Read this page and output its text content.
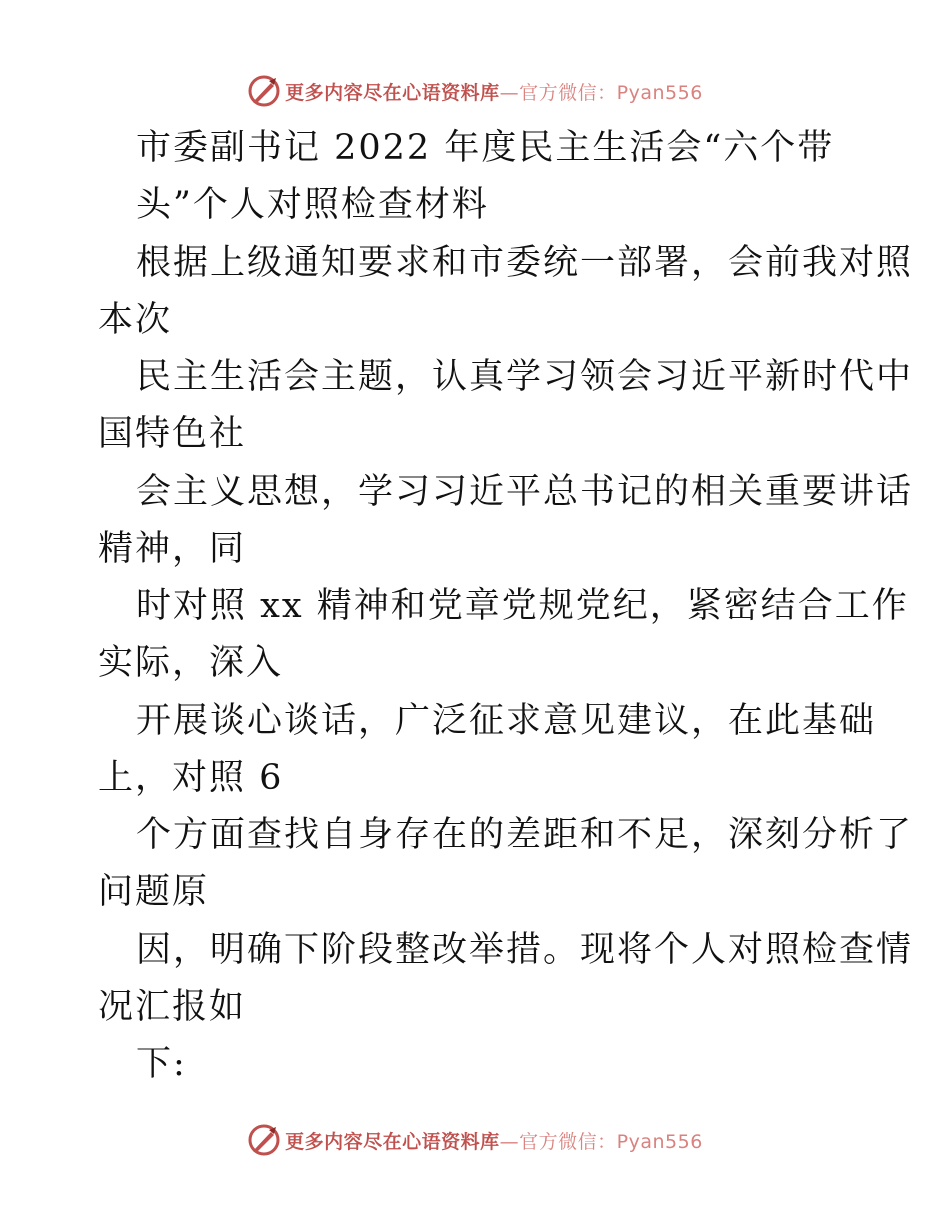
更多内容尽在心语资料库—官方微信：Pyan556
市委副书记 2022 年度民主生活会“六个带
头”个人对照检查材料
根据上级通知要求和市委统一部署，会前我对照
本次
民主生活会主题，认真学习领会习近平新时代中
国特色社
会主义思想，学习习近平总书记的相关重要讲话
精神，同
时对照 xx 精神和党章党规党纪，紧密结合工作
实际，深入
开展谈心谈话，广泛征求意见建议，在此基础
上，对照 6
个方面查找自身存在的差距和不足，深刻分析了
问题原
因，明确下阶段整改举措。现将个人对照检查情
况汇报如
下:
更多内容尽在心语资料库—官方微信：Pyan556
